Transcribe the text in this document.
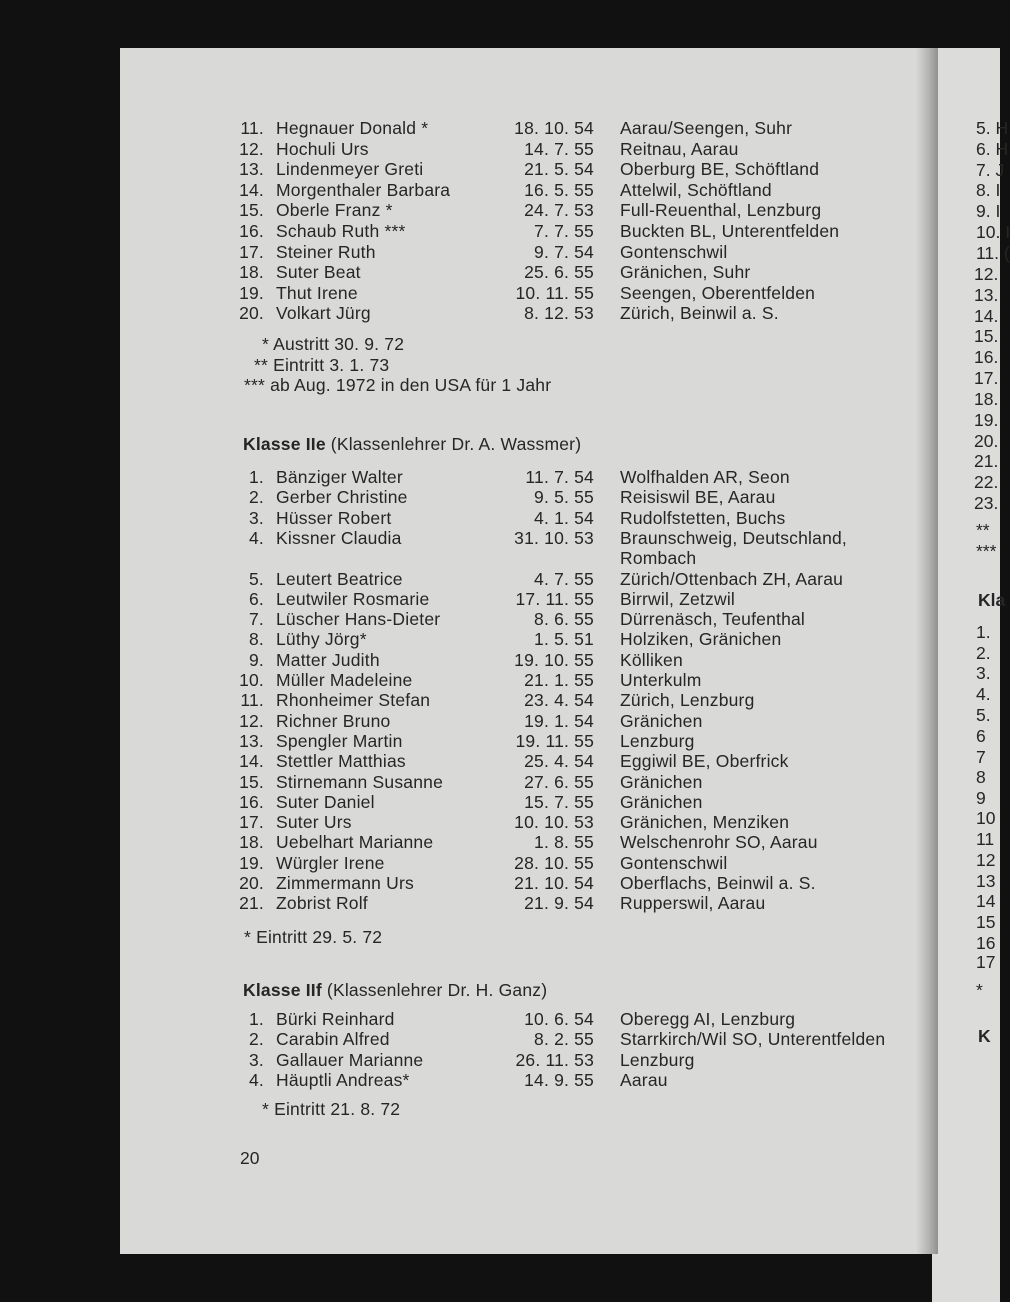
11. Hegnauer Donald *	18. 10. 54 Aarau/Seengen, Suhr
12. Hochuli Urs	14. 7. 55 Reitnau, Aarau
13. Lindenmeyer Greti	21. 5. 54 Oberburg BE, Schöftland
14. Morgenthaler Barbara	16. 5. 55 Attelwil, Schöftland
15. Oberle Franz *	24. 7. 53 Full-Reuenthal, Lenzburg
16. Schaub Ruth ***	7. 7. 55 Buckten BL, Unterentfelden
17. Steiner Ruth	9. 7. 54 Gontenschwil
18. Suter Beat	25. 6. 55 Gränichen, Suhr
19. Thut Irene	10. 11. 55 Seengen, Oberentfelden
20. Volkart Jürg	8. 12. 53 Zürich, Beinwil a. S.
* Austritt 30. 9. 72
** Eintritt 3. 1. 73
*** ab Aug. 1972 in den USA für 1 Jahr
Klasse IIe (Klassenlehrer Dr. A. Wassmer)
1. Bänziger Walter	11. 7. 54 Wolfhalden AR, Seon
2. Gerber Christine	9. 5. 55 Reisiswil BE, Aarau
3. Hüsser Robert	4. 1. 54 Rudolfstetten, Buchs
4. Kissner Claudia	31. 10. 53 Braunschweig, Deutschland,
Rombach
5. Leutert Beatrice	4. 7. 55 Zürich/Ottenbach ZH, Aarau
6. Leutwiler Rosmarie	17. 11. 55 Birrwil, Zetzwil
7. Lüscher Hans-Dieter	8. 6. 55 Dürrenäsch, Teufenthal
8. Lüthy Jörg*	1. 5. 51 Holziken, Gränichen
9. Matter Judith	19. 10. 55 Kölliken
10. Müller Madeleine	21. 1. 55 Unterkulm
11. Rhonheimer Stefan	23. 4. 54 Zürich, Lenzburg
12. Richner Bruno	19. 1. 54 Gränichen
13. Spengler Martin	19. 11. 55 Lenzburg
14. Stettler Matthias	25. 4. 54 Eggiwil BE, Oberfrick
15. Stirnemann Susanne	27. 6. 55 Gränichen
16. Suter Daniel	15. 7. 55 Gränichen
17. Suter Urs	10. 10. 53 Gränichen, Menziken
18. Uebelhart Marianne	1. 8. 55 Welschenrohr SO, Aarau
19. Würgler Irene	28. 10. 55 Gontenschwil
20. Zimmermann Urs	21. 10. 54 Oberflachs, Beinwil a. S.
21. Zobrist Rolf	21. 9. 54 Rupperswil, Aarau
* Eintritt 29. 5. 72
Klasse IIf (Klassenlehrer Dr. H. Ganz)
1. Bürki Reinhard	10. 6. 54 Oberegg AI, Lenzburg
2. Carabin Alfred	8. 2. 55 Starrkirch/Wil SO, Unterentfelden
3. Gallauer Marianne	26. 11. 53 Lenzburg
4. Häuptli Andreas*	14. 9. 55 Aarau
* Eintritt 21. 8. 72
5. H
6. H
7. J
8. I
9. I
10. I
11. (
12.
13.
14.
15.
16.
17.
18.
19.
20.
21.
22.
23.
**
***
Kla
1.
2.
3.
4.
5.
6
7
8
9
10
11
12
13
14
15
16
17
*
K
20
